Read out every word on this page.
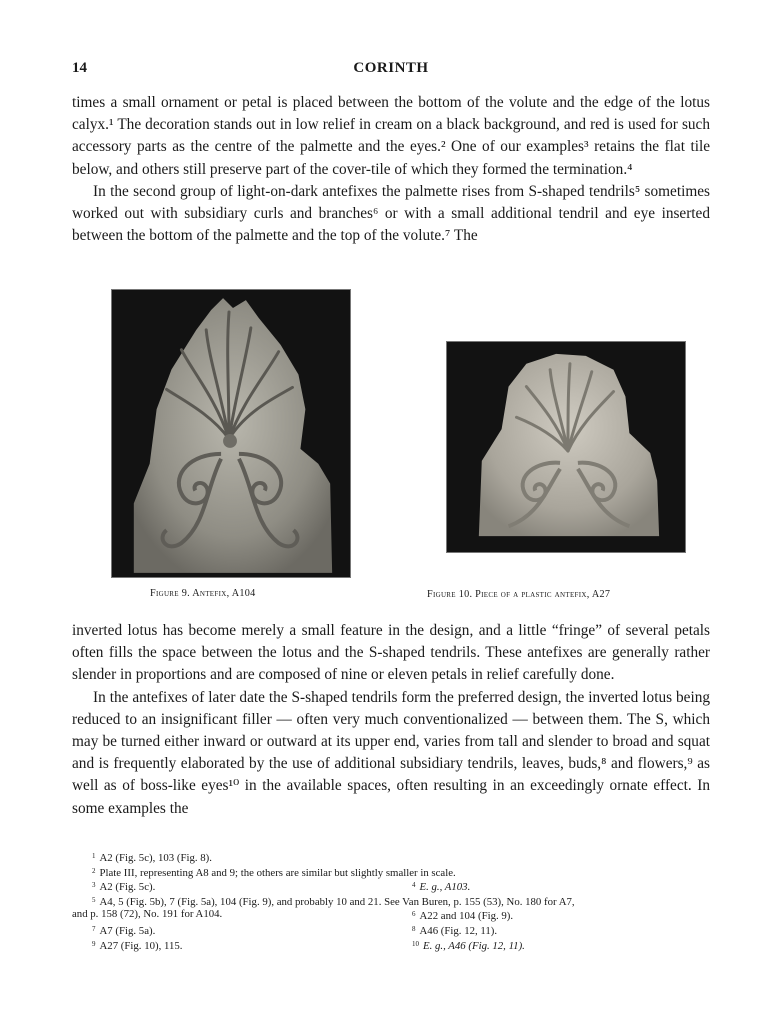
14	CORINTH

times a small ornament or petal is placed between the bottom of the volute and the edge of the lotus calyx.¹ The decoration stands out in low relief in cream on a black background, and red is used for such accessory parts as the centre of the palmette and the eyes.² One of our examples³ retains the flat tile below, and others still preserve part of the cover-tile of which they formed the termination.⁴

In the second group of light-on-dark antefixes the palmette rises from S-shaped tendrils⁵ sometimes worked out with subsidiary curls and branches⁶ or with a small additional tendril and eye inserted between the bottom of the palmette and the top of the volute.⁷ The

Figure 9. Antefix, A104	Figure 10. Piece of a plastic antefix, A27

inverted lotus has become merely a small feature in the design, and a little “fringe” of several petals often fills the space between the lotus and the S-shaped tendrils. These antefixes are generally rather slender in proportions and are composed of nine or eleven petals in relief carefully done.

In the antefixes of later date the S-shaped tendrils form the preferred design, the inverted lotus being reduced to an insignificant filler — often very much conventionalized — between them. The S, which may be turned either inward or outward at its upper end, varies from tall and slender to broad and squat and is frequently elaborated by the use of additional subsidiary tendrils, leaves, buds,⁸ and flowers,⁹ as well as of boss-like eyes¹⁰ in the available spaces, often resulting in an exceedingly ornate effect. In some examples the

$^1$ A2 (Fig. 5c), 103 (Fig. 8).
$^2$ Plate III, representing A8 and 9; the others are similar but slightly smaller in scale.
$^3$ A2 (Fig. 5c).	$^4$ E. g., A103.
$^5$ A4, 5 (Fig. 5b), 7 (Fig. 5a), 104 (Fig. 9), and probably 10 and 21. See Van Buren, p. 155 (53), No. 180 for A7,
and p. 158 (72), No. 191 for A104.	$^6$ A22 and 104 (Fig. 9).
$^7$ A7 (Fig. 5a).	$^8$ A46 (Fig. 12, 11).
$^9$ A27 (Fig. 10), 115.	$^{10}$ E. g., A46 (Fig. 12, 11).
